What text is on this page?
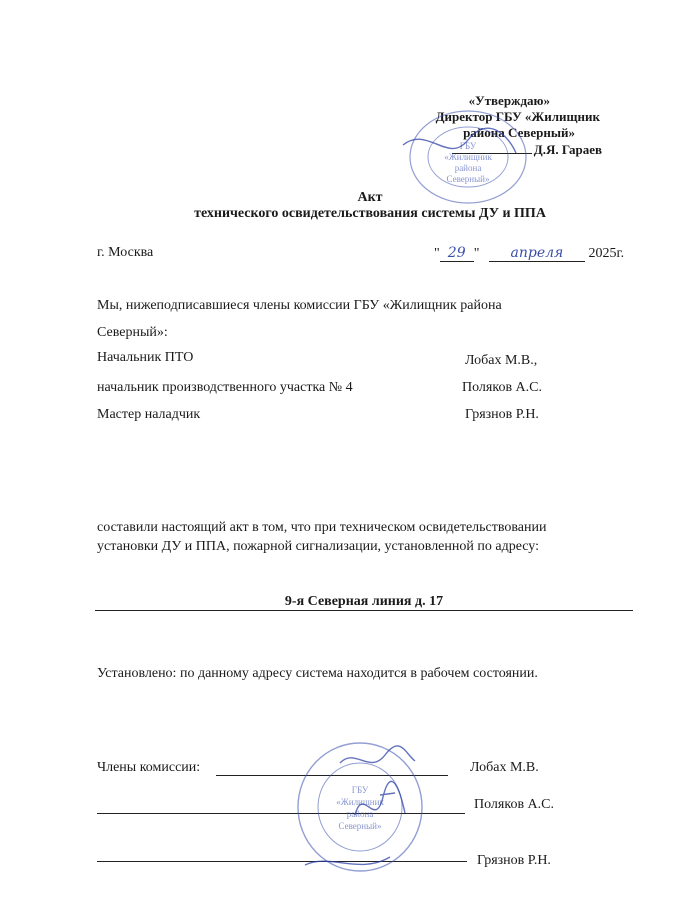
«Утверждаю»
Директор ГБУ «Жилищник
района Северный»
Д.Я. Гараев
ГБУ
«Жилищник
района
Северный»
Акт
технического освидетельствования системы ДУ и ППА
г. Москва	" 29 " апреля 2025г.
Мы, нижеподписавшиеся члены комиссии ГБУ «Жилищник района
Северный»:
Начальник ПТО	Лобах М.В.,
начальник производственного участка № 4	Поляков А.С.
Мастер наладчик	Грязнов Р.Н.
составили настоящий акт в том, что при техническом освидетельствовании
установки ДУ и ППА, пожарной сигнализации, установленной по адресу:
9-я Северная линия д. 17
Установлено: по данному адресу система находится в рабочем состоянии.
Члены комиссии:	Лобах М.В.
Поляков А.С.
Грязнов Р.Н.
ГБУ
«Жилищник
района
Северный»
